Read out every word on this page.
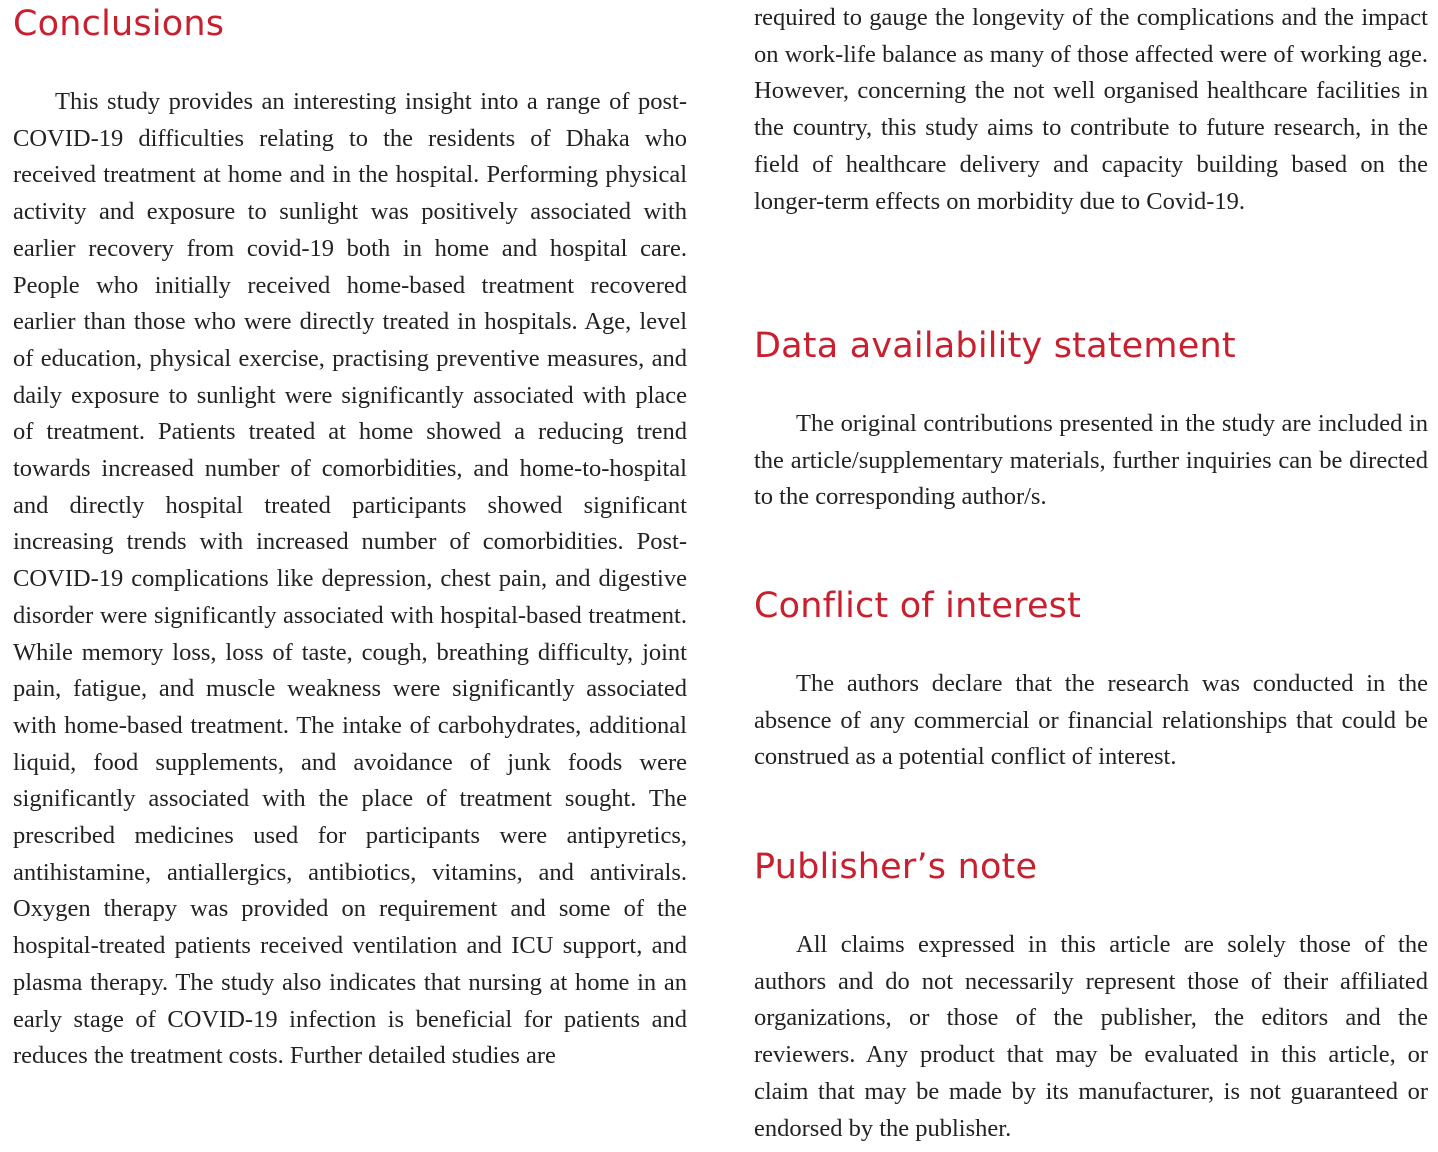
Conclusions

This study provides an interesting insight into a range of post-COVID-19 difficulties relating to the residents of Dhaka who received treatment at home and in the hospital. Performing physical activity and exposure to sunlight was positively associated with earlier recovery from covid-19 both in home and hospital care. People who initially received home-based treatment recovered earlier than those who were directly treated in hospitals. Age, level of education, physical exercise, practising preventive measures, and daily exposure to sunlight were significantly associated with place of treatment. Patients treated at home showed a reducing trend towards increased number of comorbidities, and home-to-hospital and directly hospital treated participants showed significant increasing trends with increased number of comorbidities. Post-COVID-19 complications like depression, chest pain, and digestive disorder were significantly associated with hospital-based treatment. While memory loss, loss of taste, cough, breathing difficulty, joint pain, fatigue, and muscle weakness were significantly associated with home-based treatment. The intake of carbohydrates, additional liquid, food supplements, and avoidance of junk foods were significantly associated with the place of treatment sought. The prescribed medicines used for participants were antipyretics, antihistamine, antiallergics, antibiotics, vitamins, and antivirals. Oxygen therapy was provided on requirement and some of the hospital-treated patients received ventilation and ICU support, and plasma therapy. The study also indicates that nursing at home in an early stage of COVID-19 infection is beneficial for patients and reduces the treatment costs. Further detailed studies are

required to gauge the longevity of the complications and the impact on work-life balance as many of those affected were of working age. However, concerning the not well organised healthcare facilities in the country, this study aims to contribute to future research, in the field of healthcare delivery and capacity building based on the longer-term effects on morbidity due to Covid-19.

Data availability statement

The original contributions presented in the study are included in the article/supplementary materials, further inquiries can be directed to the corresponding author/s.

Conflict of interest

The authors declare that the research was conducted in the absence of any commercial or financial relationships that could be construed as a potential conflict of interest.

Publisher’s note

All claims expressed in this article are solely those of the authors and do not necessarily represent those of their affiliated organizations, or those of the publisher, the editors and the reviewers. Any product that may be evaluated in this article, or claim that may be made by its manufacturer, is not guaranteed or endorsed by the publisher.
